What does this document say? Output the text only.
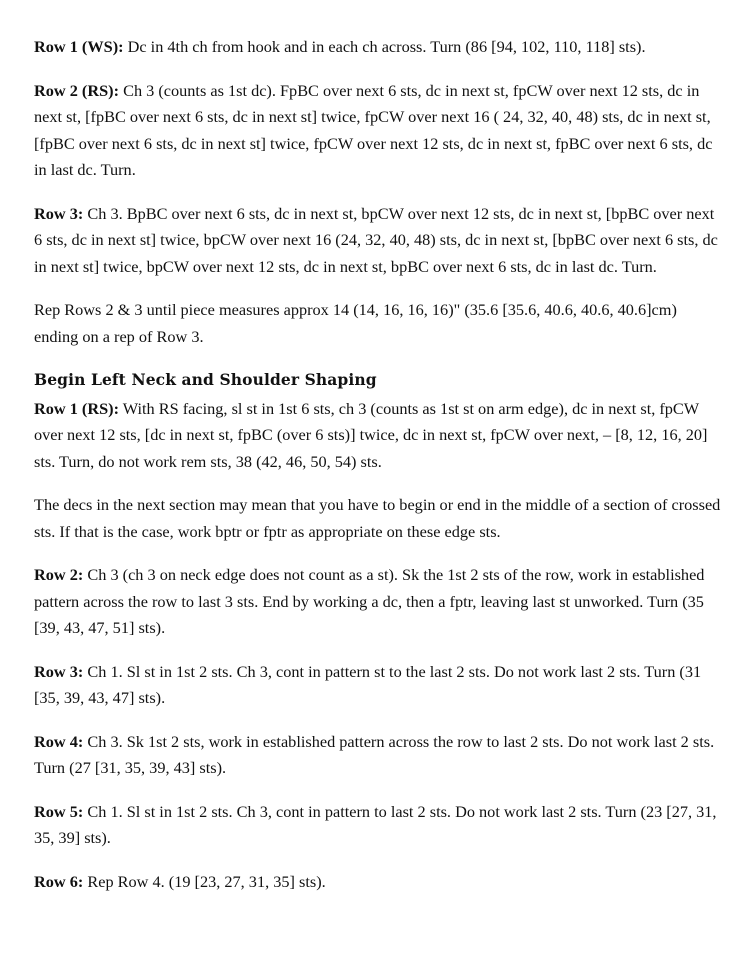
Row 1 (WS): Dc in 4th ch from hook and in each ch across. Turn (86 [94, 102, 110, 118] sts).

Row 2 (RS): Ch 3 (counts as 1st dc). FpBC over next 6 sts, dc in next st, fpCW over next 12 sts, dc in next st, [fpBC over next 6 sts, dc in next st] twice, fpCW over next 16 ( 24, 32, 40, 48) sts, dc in next st, [fpBC over next 6 sts, dc in next st] twice, fpCW over next 12 sts, dc in next st, fpBC over next 6 sts, dc in last dc. Turn.

Row 3: Ch 3. BpBC over next 6 sts, dc in next st, bpCW over next 12 sts, dc in next st, [bpBC over next 6 sts, dc in next st] twice, bpCW over next 16 (24, 32, 40, 48) sts, dc in next st, [bpBC over next 6 sts, dc in next st] twice, bpCW over next 12 sts, dc in next st, bpBC over next 6 sts, dc in last dc. Turn.

Rep Rows 2 & 3 until piece measures approx 14 (14, 16, 16, 16)" (35.6 [35.6, 40.6, 40.6, 40.6]cm) ending on a rep of Row 3.

Begin Left Neck and Shoulder Shaping

Row 1 (RS): With RS facing, sl st in 1st 6 sts, ch 3 (counts as 1st st on arm edge), dc in next st, fpCW over next 12 sts, [dc in next st, fpBC (over 6 sts)] twice, dc in next st, fpCW over next, – [8, 12, 16, 20] sts. Turn, do not work rem sts, 38 (42, 46, 50, 54) sts.

The decs in the next section may mean that you have to begin or end in the middle of a section of crossed sts. If that is the case, work bptr or fptr as appropriate on these edge sts.

Row 2: Ch 3 (ch 3 on neck edge does not count as a st). Sk the 1st 2 sts of the row, work in established pattern across the row to last 3 sts. End by working a dc, then a fptr, leaving last st unworked. Turn (35 [39, 43, 47, 51] sts).

Row 3: Ch 1. Sl st in 1st 2 sts. Ch 3, cont in pattern st to the last 2 sts. Do not work last 2 sts. Turn (31 [35, 39, 43, 47] sts).

Row 4: Ch 3. Sk 1st 2 sts, work in established pattern across the row to last 2 sts. Do not work last 2 sts. Turn (27 [31, 35, 39, 43] sts).

Row 5: Ch 1. Sl st in 1st 2 sts. Ch 3, cont in pattern to last 2 sts. Do not work last 2 sts. Turn (23 [27, 31, 35, 39] sts).

Row 6: Rep Row 4. (19 [23, 27, 31, 35] sts).
